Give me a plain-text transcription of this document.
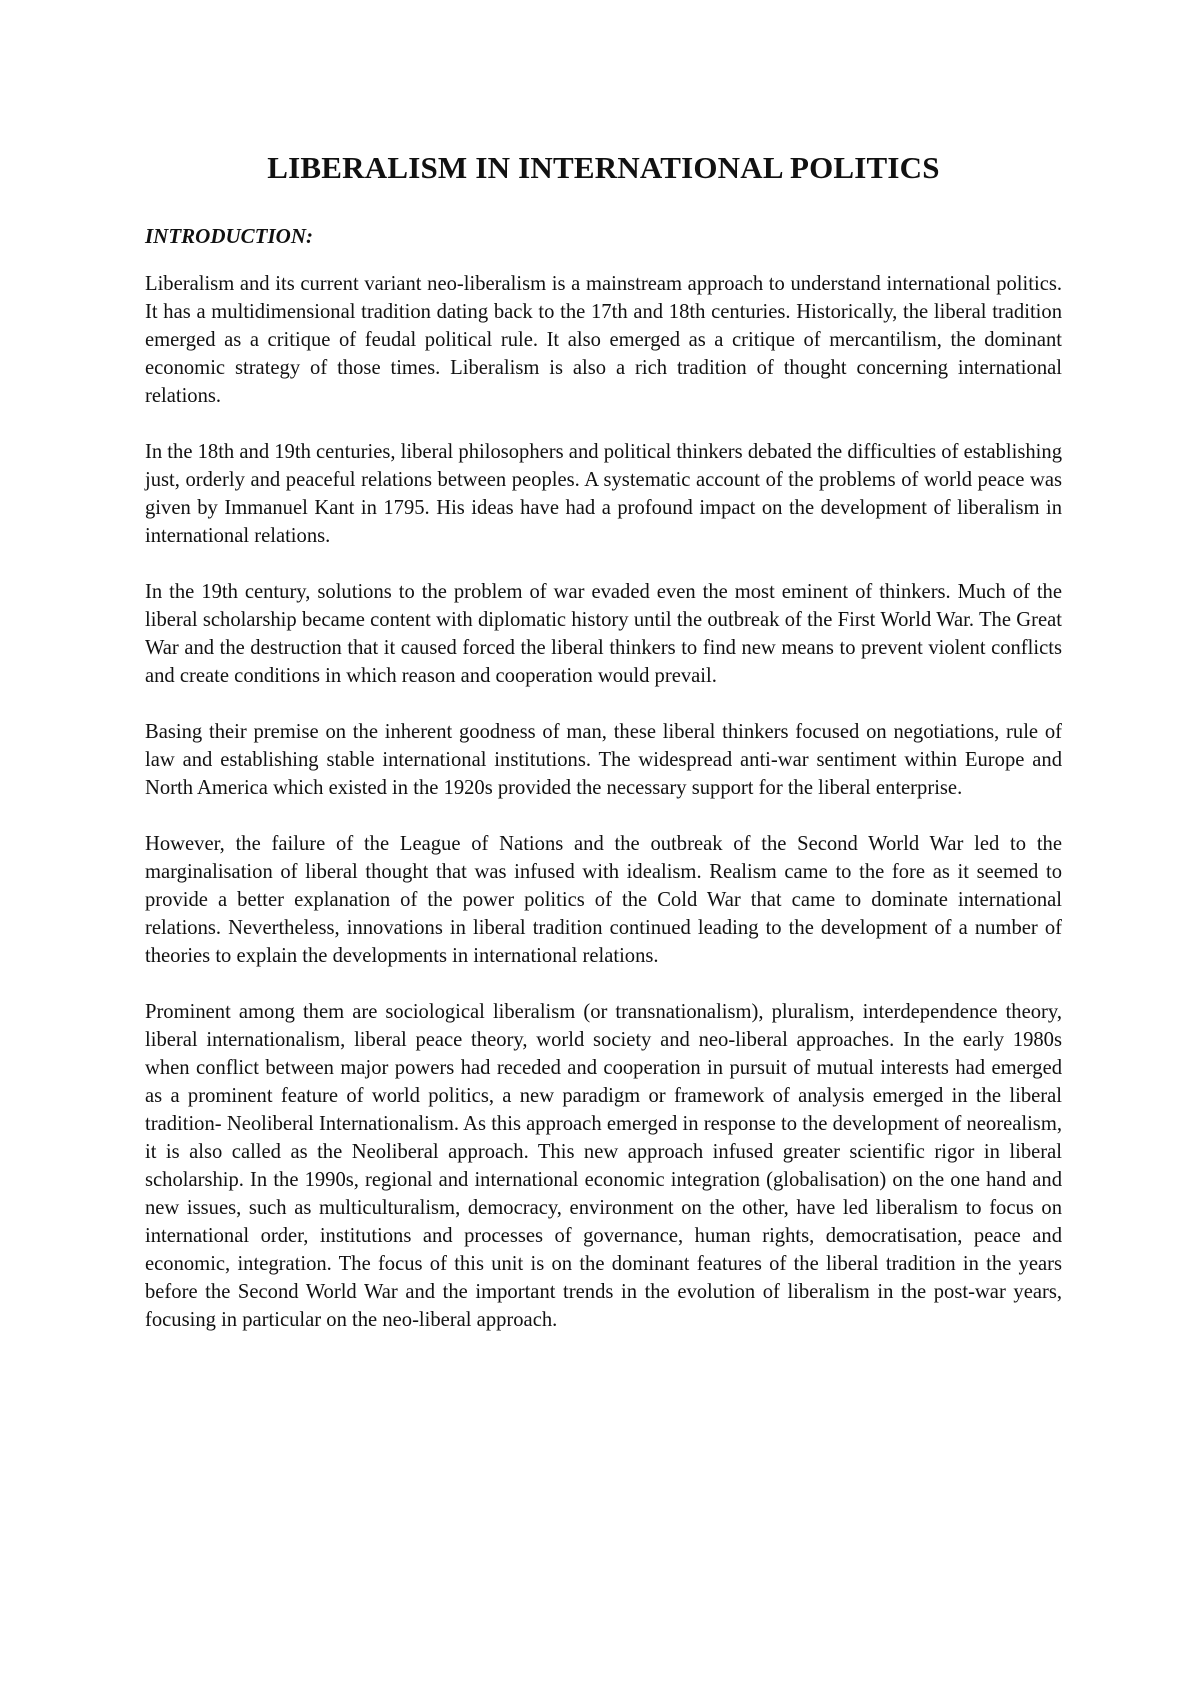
LIBERALISM IN INTERNATIONAL POLITICS
INTRODUCTION:

Liberalism and its current variant neo-liberalism is a mainstream approach to understand international politics. It has a multidimensional tradition dating back to the 17th and 18th centuries. Historically, the liberal tradition emerged as a critique of feudal political rule. It also emerged as a critique of mercantilism, the dominant economic strategy of those times. Liberalism is also a rich tradition of thought concerning international relations.

In the 18th and 19th centuries, liberal philosophers and political thinkers debated the difficulties of establishing just, orderly and peaceful relations between peoples. A systematic account of the problems of world peace was given by Immanuel Kant in 1795. His ideas have had a profound impact on the development of liberalism in international relations.

In the 19th century, solutions to the problem of war evaded even the most eminent of thinkers. Much of the liberal scholarship became content with diplomatic history until the outbreak of the First World War. The Great War and the destruction that it caused forced the liberal thinkers to find new means to prevent violent conflicts and create conditions in which reason and cooperation would prevail.

Basing their premise on the inherent goodness of man, these liberal thinkers focused on negotiations, rule of law and establishing stable international institutions. The widespread anti-war sentiment within Europe and North America which existed in the 1920s provided the necessary support for the liberal enterprise.

However, the failure of the League of Nations and the outbreak of the Second World War led to the marginalisation of liberal thought that was infused with idealism. Realism came to the fore as it seemed to provide a better explanation of the power politics of the Cold War that came to dominate international relations. Nevertheless, innovations in liberal tradition continued leading to the development of a number of theories to explain the developments in international relations.

Prominent among them are sociological liberalism (or transnationalism), pluralism, interdependence theory, liberal internationalism, liberal peace theory, world society and neo-liberal approaches. In the early 1980s when conflict between major powers had receded and cooperation in pursuit of mutual interests had emerged as a prominent feature of world politics, a new paradigm or framework of analysis emerged in the liberal tradition- Neoliberal Internationalism. As this approach emerged in response to the development of neorealism, it is also called as the Neoliberal approach. This new approach infused greater scientific rigor in liberal scholarship. In the 1990s, regional and international economic integration (globalisation) on the one hand and new issues, such as multiculturalism, democracy, environment on the other, have led liberalism to focus on international order, institutions and processes of governance, human rights, democratisation, peace and economic, integration. The focus of this unit is on the dominant features of the liberal tradition in the years before the Second World War and the important trends in the evolution of liberalism in the post-war years, focusing in particular on the neo-liberal approach.
